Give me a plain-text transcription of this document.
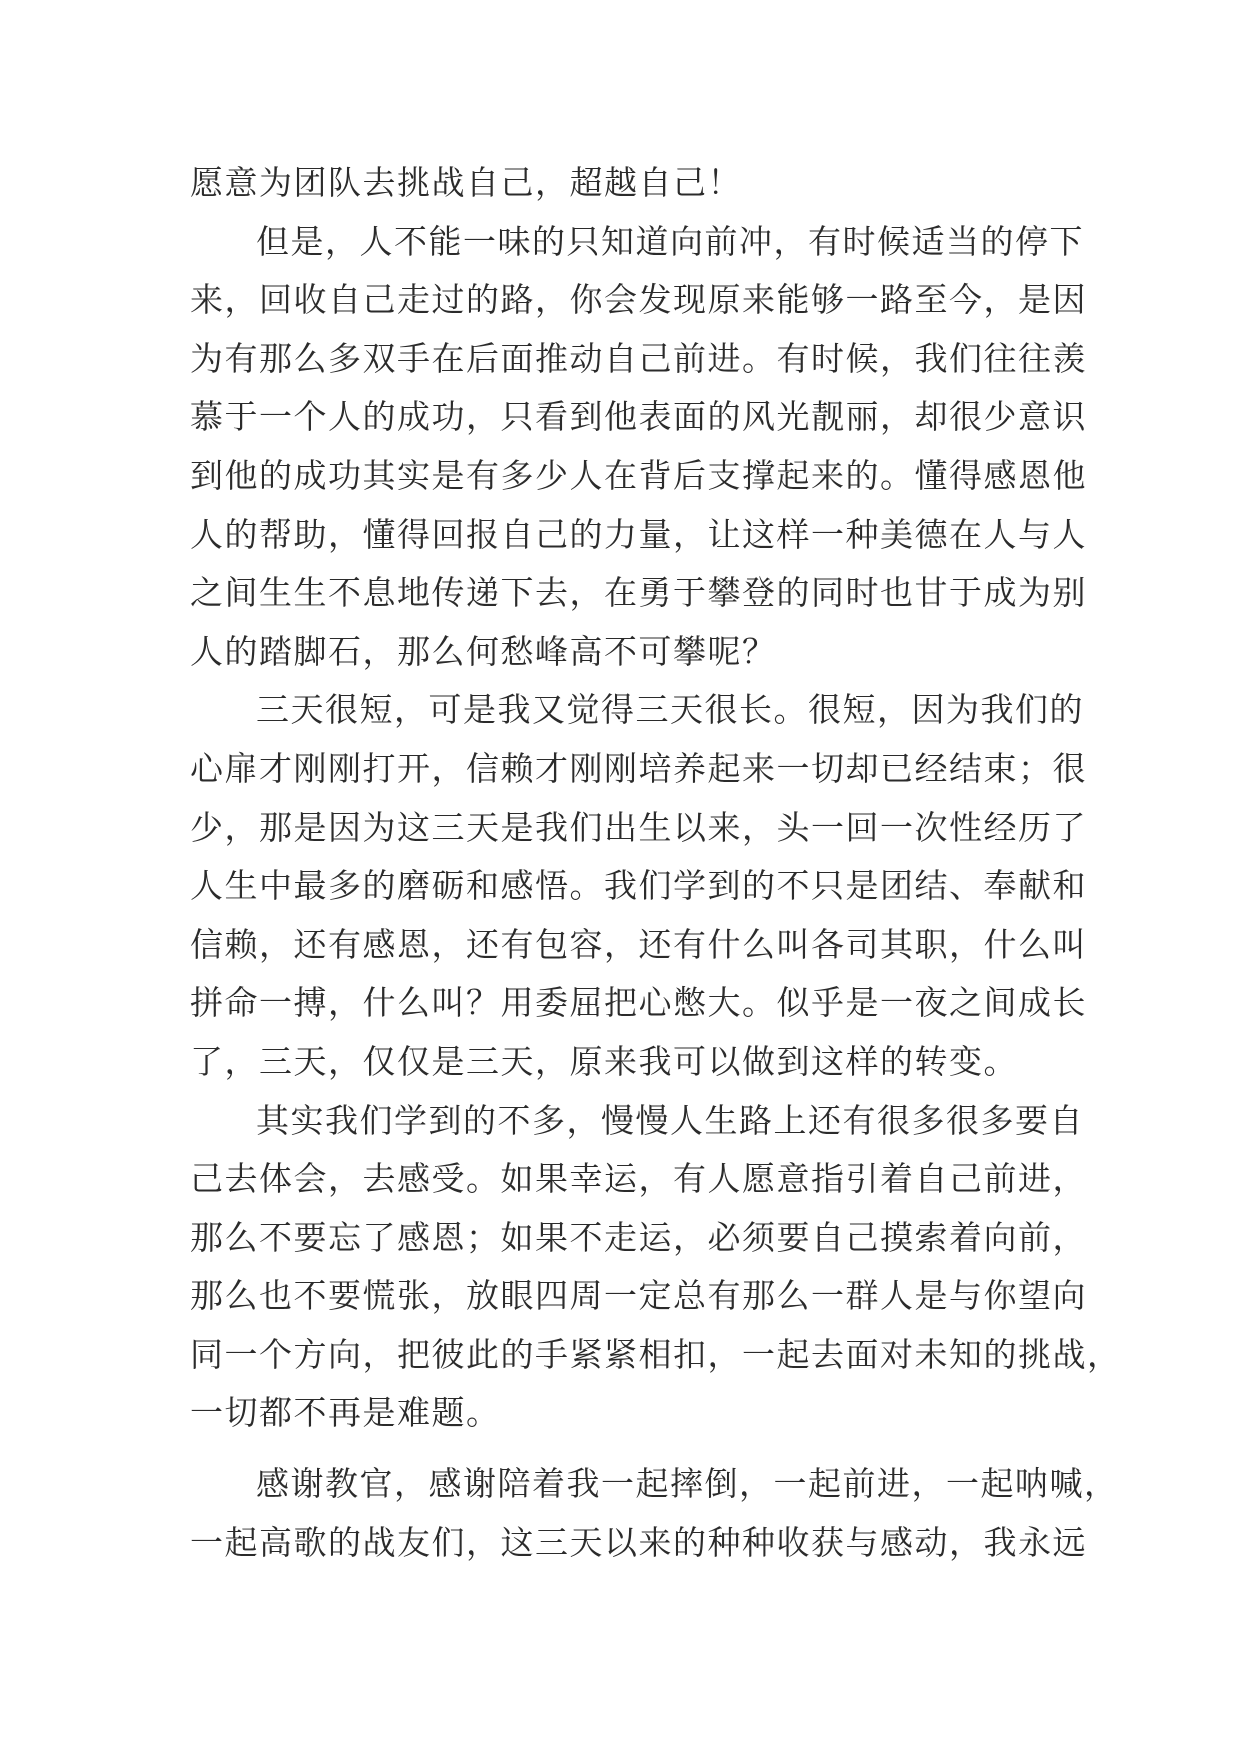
愿意为团队去挑战自己，超越自己！
但是，人不能一味的只知道向前冲，有时候适当的停下
来，回收自己走过的路，你会发现原来能够一路至今，是因
为有那么多双手在后面推动自己前进。有时候，我们往往羡
慕于一个人的成功，只看到他表面的风光靓丽，却很少意识
到他的成功其实是有多少人在背后支撑起来的。懂得感恩他
人的帮助，懂得回报自己的力量，让这样一种美德在人与人
之间生生不息地传递下去，在勇于攀登的同时也甘于成为别
人的踏脚石，那么何愁峰高不可攀呢？
三天很短，可是我又觉得三天很长。很短，因为我们的
心扉才刚刚打开，信赖才刚刚培养起来一切却已经结束；很
少，那是因为这三天是我们出生以来，头一回一次性经历了
人生中最多的磨砺和感悟。我们学到的不只是团结、奉献和
信赖，还有感恩，还有包容，还有什么叫各司其职，什么叫
拼命一搏，什么叫？用委屈把心憋大。似乎是一夜之间成长
了，三天，仅仅是三天，原来我可以做到这样的转变。
其实我们学到的不多，慢慢人生路上还有很多很多要自
己去体会，去感受。如果幸运，有人愿意指引着自己前进，
那么不要忘了感恩；如果不走运，必须要自己摸索着向前，
那么也不要慌张，放眼四周一定总有那么一群人是与你望向
同一个方向，把彼此的手紧紧相扣，一起去面对未知的挑战，
一切都不再是难题。
感谢教官，感谢陪着我一起摔倒，一起前进，一起呐喊，
一起高歌的战友们，这三天以来的种种收获与感动，我永远
